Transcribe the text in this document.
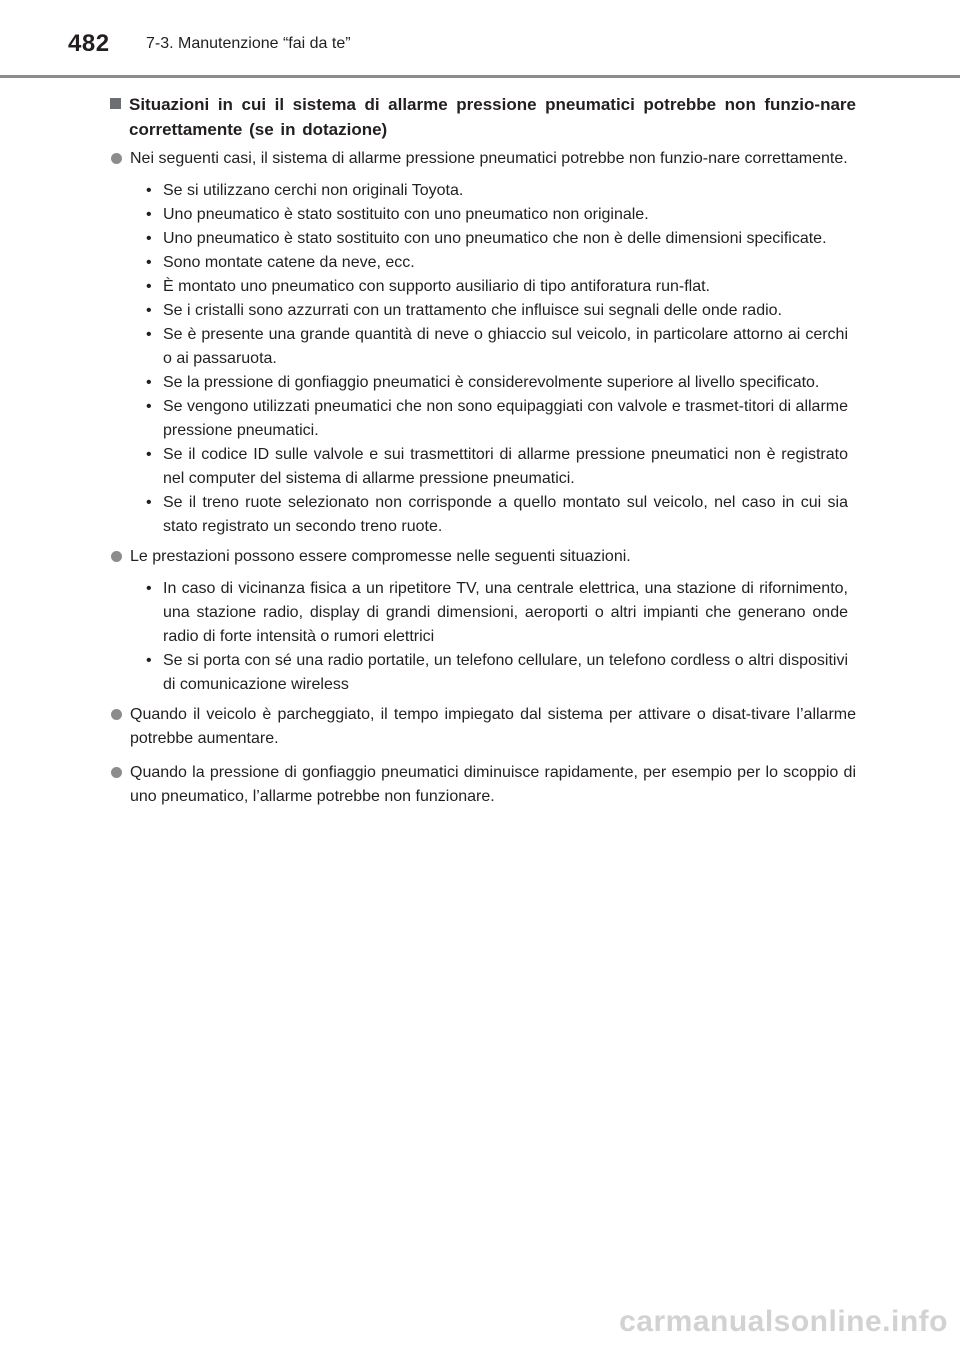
482 7-3. Manutenzione “fai da te”
Situazioni in cui il sistema di allarme pressione pneumatici potrebbe non funzio-nare correttamente (se in dotazione)
Nei seguenti casi, il sistema di allarme pressione pneumatici potrebbe non funzio-nare correttamente.
• Se si utilizzano cerchi non originali Toyota.
• Uno pneumatico è stato sostituito con uno pneumatico non originale.
• Uno pneumatico è stato sostituito con uno pneumatico che non è delle dimensioni specificate.
• Sono montate catene da neve, ecc.
• È montato uno pneumatico con supporto ausiliario di tipo antiforatura run-flat.
• Se i cristalli sono azzurrati con un trattamento che influisce sui segnali delle onde radio.
• Se è presente una grande quantità di neve o ghiaccio sul veicolo, in particolare attorno ai cerchi o ai passaruota.
• Se la pressione di gonfiaggio pneumatici è considerevolmente superiore al livello specificato.
• Se vengono utilizzati pneumatici che non sono equipaggiati con valvole e trasmet-titori di allarme pressione pneumatici.
• Se il codice ID sulle valvole e sui trasmettitori di allarme pressione pneumatici non è registrato nel computer del sistema di allarme pressione pneumatici.
• Se il treno ruote selezionato non corrisponde a quello montato sul veicolo, nel caso in cui sia stato registrato un secondo treno ruote.
Le prestazioni possono essere compromesse nelle seguenti situazioni.
• In caso di vicinanza fisica a un ripetitore TV, una centrale elettrica, una stazione di rifornimento, una stazione radio, display di grandi dimensioni, aeroporti o altri impianti che generano onde radio di forte intensità o rumori elettrici
• Se si porta con sé una radio portatile, un telefono cellulare, un telefono cordless o altri dispositivi di comunicazione wireless
Quando il veicolo è parcheggiato, il tempo impiegato dal sistema per attivare o disat-tivare l’allarme potrebbe aumentare.
Quando la pressione di gonfiaggio pneumatici diminuisce rapidamente, per esempio per lo scoppio di uno pneumatico, l’allarme potrebbe non funzionare.
carmanualsonline.info
